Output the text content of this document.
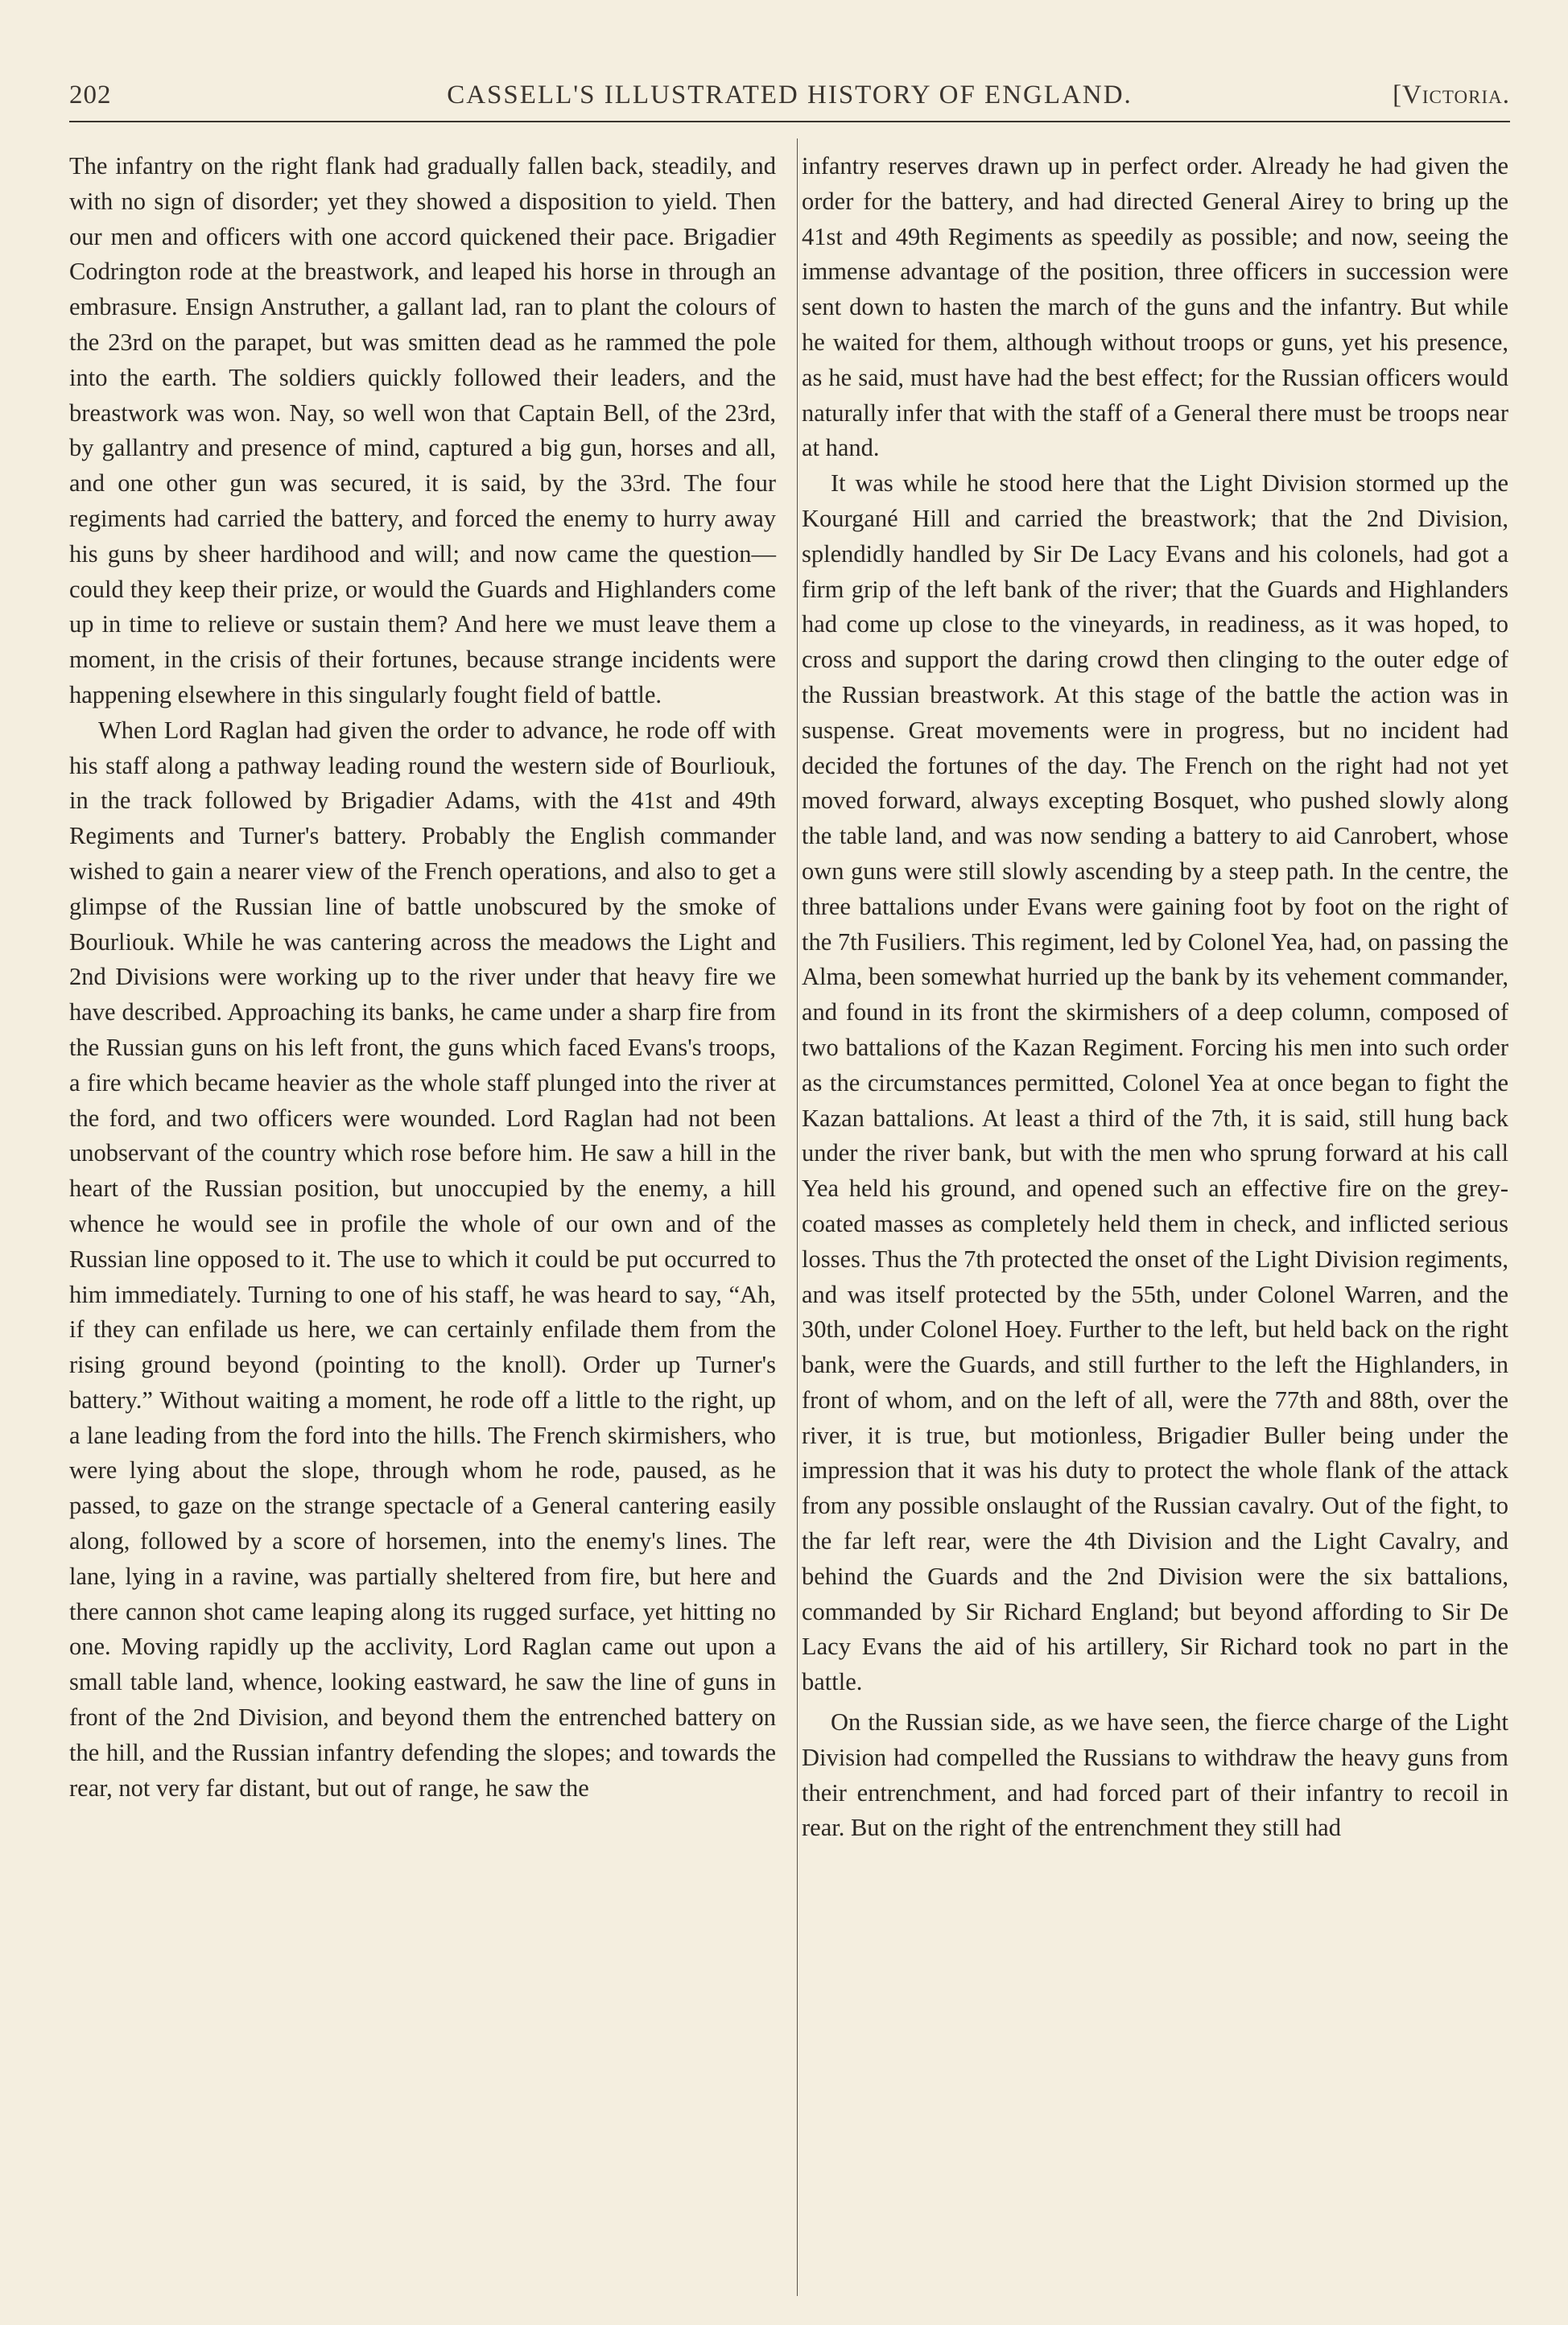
202	CASSELL'S ILLUSTRATED HISTORY OF ENGLAND.	[Victoria.

The infantry on the right flank had gradually fallen back, steadily, and with no sign of disorder; yet they showed a disposition to yield. Then our men and officers with one accord quickened their pace. Brigadier Codrington rode at the breastwork, and leaped his horse in through an embrasure. Ensign Anstruther, a gallant lad, ran to plant the colours of the 23rd on the parapet, but was smitten dead as he rammed the pole into the earth. The soldiers quickly followed their leaders, and the breastwork was won. Nay, so well won that Captain Bell, of the 23rd, by gallantry and presence of mind, captured a big gun, horses and all, and one other gun was secured, it is said, by the 33rd. The four regiments had carried the battery, and forced the enemy to hurry away his guns by sheer hardihood and will; and now came the question—could they keep their prize, or would the Guards and Highlanders come up in time to relieve or sustain them? And here we must leave them a moment, in the crisis of their fortunes, because strange incidents were happening elsewhere in this singularly fought field of battle.

When Lord Raglan had given the order to advance, he rode off with his staff along a pathway leading round the western side of Bourliouk, in the track followed by Brigadier Adams, with the 41st and 49th Regiments and Turner's battery. Probably the English commander wished to gain a nearer view of the French operations, and also to get a glimpse of the Russian line of battle unobscured by the smoke of Bourliouk. While he was cantering across the meadows the Light and 2nd Divisions were working up to the river under that heavy fire we have described. Approaching its banks, he came under a sharp fire from the Russian guns on his left front, the guns which faced Evans's troops, a fire which became heavier as the whole staff plunged into the river at the ford, and two officers were wounded. Lord Raglan had not been unobservant of the country which rose before him. He saw a hill in the heart of the Russian position, but unoccupied by the enemy, a hill whence he would see in profile the whole of our own and of the Russian line opposed to it. The use to which it could be put occurred to him immediately. Turning to one of his staff, he was heard to say, “Ah, if they can enfilade us here, we can certainly enfilade them from the rising ground beyond (pointing to the knoll). Order up Turner's battery.” Without waiting a moment, he rode off a little to the right, up a lane leading from the ford into the hills. The French skirmishers, who were lying about the slope, through whom he rode, paused, as he passed, to gaze on the strange spectacle of a General cantering easily along, followed by a score of horsemen, into the enemy's lines. The lane, lying in a ravine, was partially sheltered from fire, but here and there cannon shot came leaping along its rugged surface, yet hitting no one. Moving rapidly up the acclivity, Lord Raglan came out upon a small table land, whence, looking eastward, he saw the line of guns in front of the 2nd Division, and beyond them the entrenched battery on the hill, and the Russian infantry defending the slopes; and towards the rear, not very far distant, but out of range, he saw the

infantry reserves drawn up in perfect order. Already he had given the order for the battery, and had directed General Airey to bring up the 41st and 49th Regiments as speedily as possible; and now, seeing the immense advantage of the position, three officers in succession were sent down to hasten the march of the guns and the infantry. But while he waited for them, although without troops or guns, yet his presence, as he said, must have had the best effect; for the Russian officers would naturally infer that with the staff of a General there must be troops near at hand.

It was while he stood here that the Light Division stormed up the Kourgané Hill and carried the breastwork; that the 2nd Division, splendidly handled by Sir De Lacy Evans and his colonels, had got a firm grip of the left bank of the river; that the Guards and Highlanders had come up close to the vineyards, in readiness, as it was hoped, to cross and support the daring crowd then clinging to the outer edge of the Russian breastwork. At this stage of the battle the action was in suspense. Great movements were in progress, but no incident had decided the fortunes of the day. The French on the right had not yet moved forward, always excepting Bosquet, who pushed slowly along the table land, and was now sending a battery to aid Canrobert, whose own guns were still slowly ascending by a steep path. In the centre, the three battalions under Evans were gaining foot by foot on the right of the 7th Fusiliers. This regiment, led by Colonel Yea, had, on passing the Alma, been somewhat hurried up the bank by its vehement commander, and found in its front the skirmishers of a deep column, composed of two battalions of the Kazan Regiment. Forcing his men into such order as the circumstances permitted, Colonel Yea at once began to fight the Kazan battalions. At least a third of the 7th, it is said, still hung back under the river bank, but with the men who sprung forward at his call Yea held his ground, and opened such an effective fire on the grey-coated masses as completely held them in check, and inflicted serious losses. Thus the 7th protected the onset of the Light Division regiments, and was itself protected by the 55th, under Colonel Warren, and the 30th, under Colonel Hoey. Further to the left, but held back on the right bank, were the Guards, and still further to the left the Highlanders, in front of whom, and on the left of all, were the 77th and 88th, over the river, it is true, but motionless, Brigadier Buller being under the impression that it was his duty to protect the whole flank of the attack from any possible onslaught of the Russian cavalry. Out of the fight, to the far left rear, were the 4th Division and the Light Cavalry, and behind the Guards and the 2nd Division were the six battalions, commanded by Sir Richard England; but beyond affording to Sir De Lacy Evans the aid of his artillery, Sir Richard took no part in the battle.

On the Russian side, as we have seen, the fierce charge of the Light Division had compelled the Russians to withdraw the heavy guns from their entrenchment, and had forced part of their infantry to recoil in rear. But on the right of the entrenchment they still had
